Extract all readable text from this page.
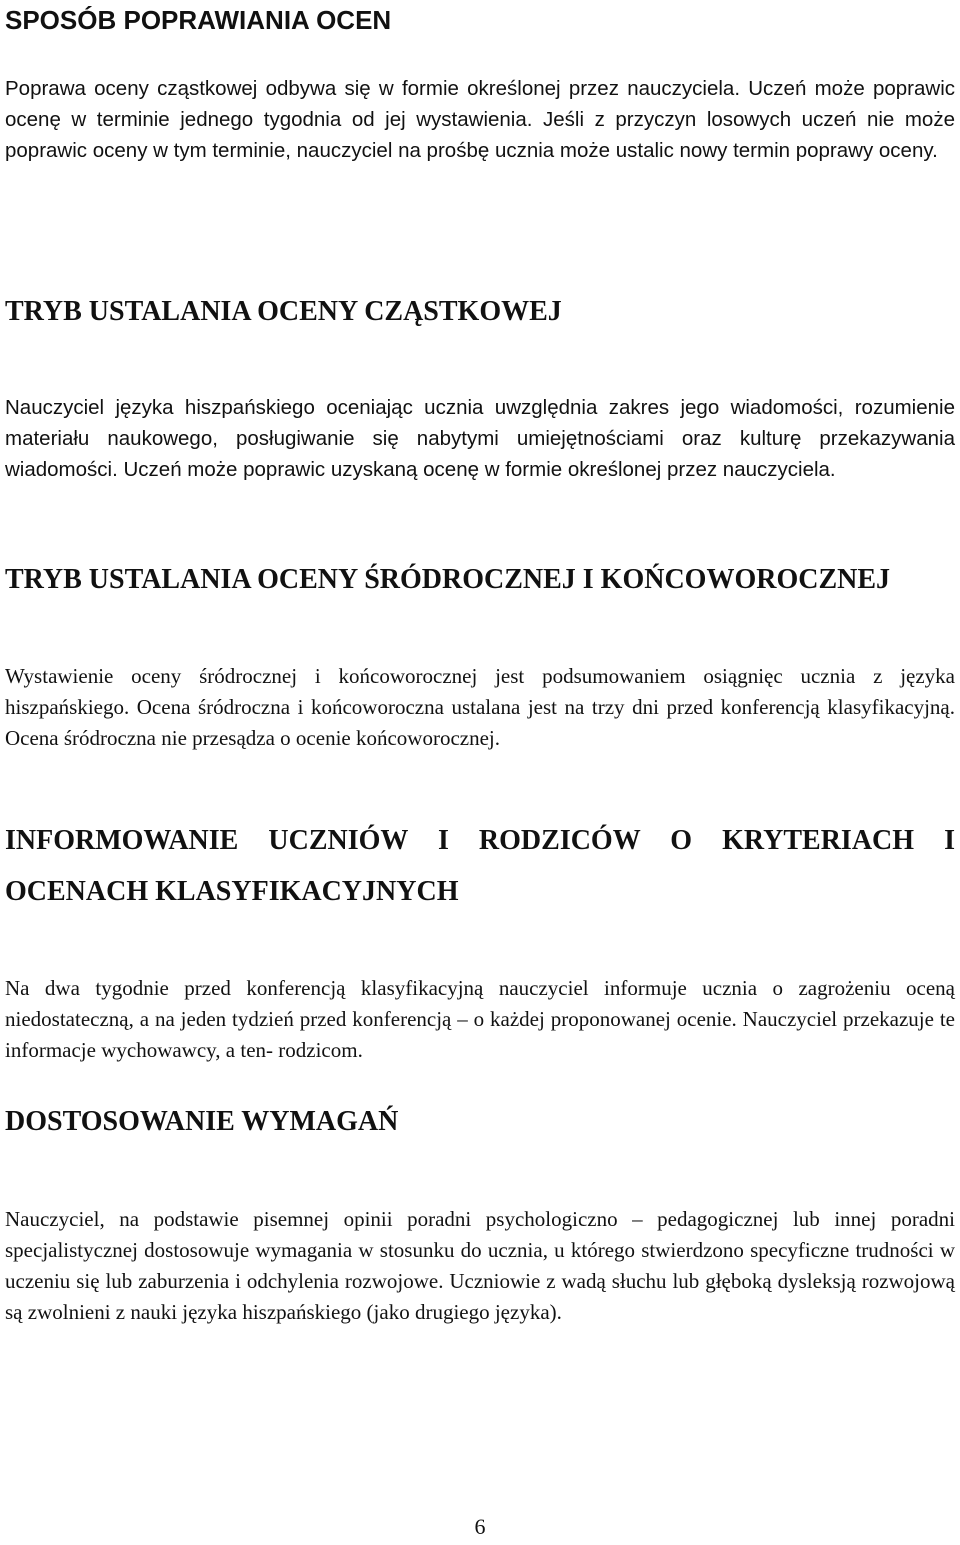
SPOSÓB POPRAWIANIA OCEN

Poprawa oceny cząstkowej odbywa się w formie określonej przez nauczyciela. Uczeń może poprawic ocenę w terminie jednego tygodnia od jej wystawienia. Jeśli z przyczyn losowych uczeń nie może poprawic oceny w tym terminie, nauczyciel na prośbę ucznia może ustalic nowy termin poprawy oceny.

TRYB USTALANIA OCENY CZĄSTKOWEJ

Nauczyciel języka hiszpańskiego oceniając ucznia uwzględnia zakres jego wiadomości, rozumienie materiału naukowego, posługiwanie się nabytymi umiejętnościami oraz kulturę przekazywania wiadomości. Uczeń może poprawic uzyskaną ocenę w formie określonej przez nauczyciela.

TRYB USTALANIA OCENY ŚRÓDROCZNEJ I KOŃCOWOROCZNEJ

Wystawienie oceny śródrocznej i końcoworocznej jest podsumowaniem osiągnięc ucznia z języka hiszpańskiego. Ocena śródroczna i końcoworoczna ustalana jest na trzy dni przed konferencją klasyfikacyjną. Ocena śródroczna nie przesądza o ocenie końcoworocznej.

INFORMOWANIE UCZNIÓW I RODZICÓW O KRYTERIACH I OCENACH KLASYFIKACYJNYCH

Na dwa tygodnie przed konferencją klasyfikacyjną nauczyciel informuje ucznia o zagrożeniu oceną niedostateczną, a na jeden tydzień przed konferencją – o każdej proponowanej ocenie. Nauczyciel przekazuje te informacje wychowawcy, a ten- rodzicom.

DOSTOSOWANIE WYMAGAŃ

Nauczyciel, na podstawie pisemnej opinii poradni psychologiczno – pedagogicznej lub innej poradni specjalistycznej dostosowuje wymagania w stosunku do ucznia, u którego stwierdzono specyficzne trudności w uczeniu się lub zaburzenia i odchylenia rozwojowe. Uczniowie z wadą słuchu lub głęboką dysleksją rozwojową są zwolnieni z nauki języka hiszpańskiego (jako drugiego języka).

6
